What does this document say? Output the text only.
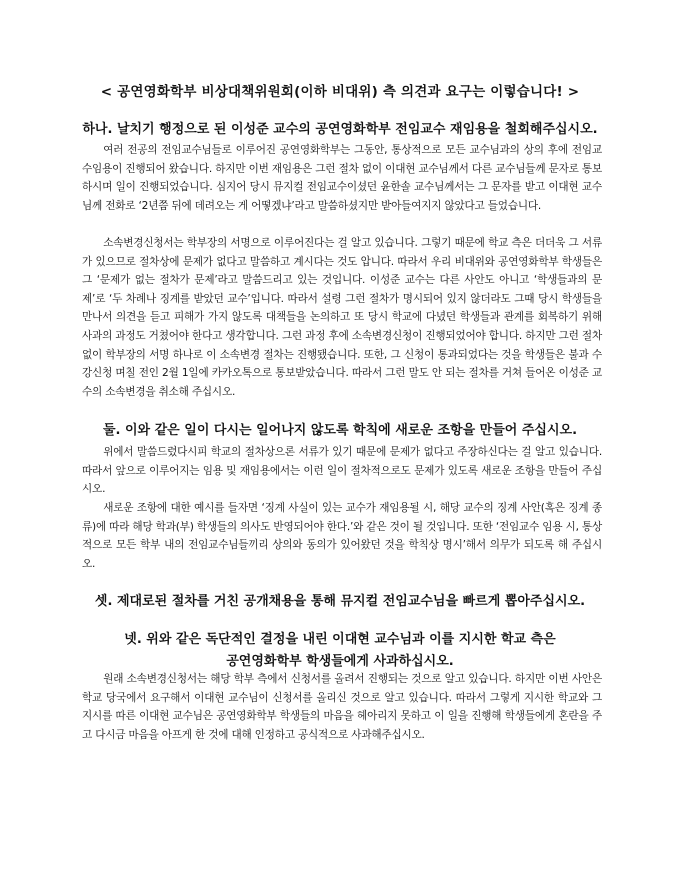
< 공연영화학부 비상대책위원회(이하 비대위) 측 의견과 요구는 이렇습니다! >
하나. 날치기 행정으로 된 이성준 교수의 공연영화학부 전임교수 재임용을 철회해주십시오.

여러 전공의 전임교수님들로 이루어진 공연영화학부는 그동안, 통상적으로 모든 교수님과의 상의 후에 전임교수임용이 진행되어 왔습니다. 하지만 이번 재임용은 그런 절차 없이 이대현 교수님께서 다른 교수님들께 문자로 통보하시며 일이 진행되었습니다. 심지어 당시 뮤지컬 전임교수이셨던 윤한솔 교수님께서는 그 문자를 받고 이대현 교수님께 전화로 ‘2년쯤 뒤에 데려오는 게 어떻겠냐’라고 말씀하셨지만 받아들여지지 않았다고 들었습니다.

소속변경신청서는 학부장의 서명으로 이루어진다는 걸 알고 있습니다. 그렇기 때문에 학교 측은 더더욱 그 서류가 있으므로 절차상에 문제가 없다고 말씀하고 계시다는 것도 압니다. 따라서 우리 비대위와 공연영화학부 학생들은 그 ‘문제가 없는 절차가 문제’라고 말씀드리고 있는 것입니다. 이성준 교수는 다른 사안도 아니고 ‘학생들과의 문제’로 ‘두 차례나 징계를 받았던 교수’입니다. 따라서 설령 그런 절차가 명시되어 있지 않더라도 그때 당시 학생들을 만나서 의견을 듣고 피해가 가지 않도록 대책들을 논의하고 또 당시 학교에 다녔던 학생들과 관계를 회복하기 위해 사과의 과정도 거쳤어야 한다고 생각합니다. 그런 과정 후에 소속변경신청이 진행되었어야 합니다. 하지만 그런 절차 없이 학부장의 서명 하나로 이 소속변경 절차는 진행됐습니다. 또한, 그 신청이 통과되었다는 것을 학생들은 불과 수강신청 며칠 전인 2월 1일에 카카오톡으로 통보받았습니다. 따라서 그런 말도 안 되는 절차를 거쳐 들어온 이성준 교수의 소속변경을 취소해 주십시오.

둘. 이와 같은 일이 다시는 일어나지 않도록 학칙에 새로운 조항을 만들어 주십시오.

위에서 말씀드렸다시피 학교의 절차상으론 서류가 있기 때문에 문제가 없다고 주장하신다는 걸 알고 있습니다. 따라서 앞으로 이루어지는 임용 및 재임용에서는 이런 일이 절차적으로도 문제가 있도록 새로운 조항을 만들어 주십시오.

새로운 조항에 대한 예시를 들자면 ‘징계 사실이 있는 교수가 재임용될 시, 해당 교수의 징계 사안(혹은 징계 종류)에 따라 해당 학과(부) 학생들의 의사도 반영되어야 한다.’와 같은 것이 될 것입니다. 또한 ‘전임교수 임용 시, 통상적으로 모든 학부 내의 전임교수님들끼리 상의와 동의가 있어왔던 것을 학칙상 명시’해서 의무가 되도록 해 주십시오.

셋. 제대로된 절차를 거친 공개채용을 통해 뮤지컬 전임교수님을 빠르게 뽑아주십시오.
넷. 위와 같은 독단적인 결정을 내린 이대현 교수님과 이를 지시한 학교 측은
공연영화학부 학생들에게 사과하십시오.

원래 소속변경신청서는 해당 학부 측에서 신청서를 올려서 진행되는 것으로 알고 있습니다. 하지만 이번 사안은 학교 당국에서 요구해서 이대현 교수님이 신청서를 올리신 것으로 알고 있습니다. 따라서 그렇게 지시한 학교와 그 지시를 따른 이대현 교수님은 공연영화학부 학생들의 마음을 헤아리지 못하고 이 일을 진행해 학생들에게 혼란을 주고 다시금 마음을 아프게 한 것에 대해 인정하고 공식적으로 사과해주십시오.
